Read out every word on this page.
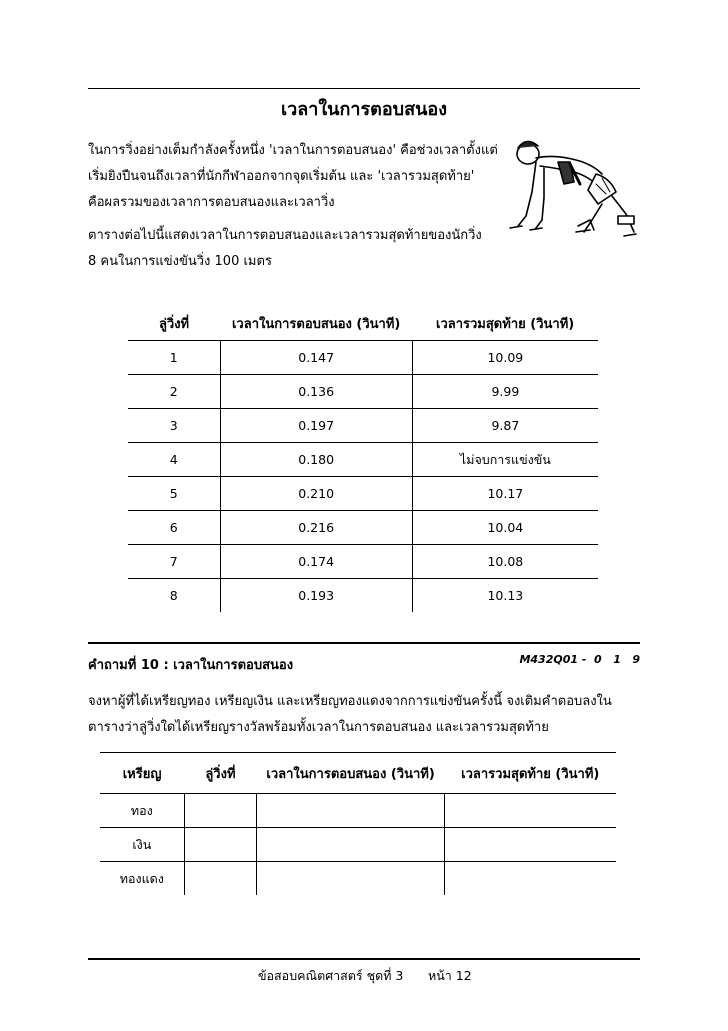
เวลาในการตอบสนอง
ในการวิ่งอย่างเต็มกำลังครั้งหนึ่ง 'เวลาในการตอบสนอง' คือช่วงเวลาตั้งแต่
เริ่มยิงปืนจนถึงเวลาที่นักกีฬาออกจากจุดเริ่มต้น และ 'เวลารวมสุดท้าย'
คือผลรวมของเวลาการตอบสนองและเวลาวิ่ง
ตารางต่อไปนี้แสดงเวลาในการตอบสนองและเวลารวมสุดท้ายของนักวิ่ง
8 คนในการแข่งขันวิ่ง 100 เมตร
ลู่วิ่งที่	เวลาในการตอบสนอง (วินาที)	เวลารวมสุดท้าย (วินาที)
1	0.147	10.09
2	0.136	9.99
3	0.197	9.87
4	0.180	ไม่จบการแข่งขัน
5	0.210	10.17
6	0.216	10.04
7	0.174	10.08
8	0.193	10.13
คำถามที่ 10 : เวลาในการตอบสนอง	M432Q01 -  0   1   9
จงหาผู้ที่ได้เหรียญทอง เหรียญเงิน และเหรียญทองแดงจากการแข่งขันครั้งนี้ จงเติมคำตอบลงใน
ตารางว่าลู่วิ่งใดได้เหรียญรางวัลพร้อมทั้งเวลาในการตอบสนอง และเวลารวมสุดท้าย
เหรียญ	ลู่วิ่งที่	เวลาในการตอบสนอง (วินาที)	เวลารวมสุดท้าย (วินาที)
ทอง			
เงิน			
ทองแดง			
ข้อสอบคณิตศาสตร์ ชุดที่ 3 หน้า 12
